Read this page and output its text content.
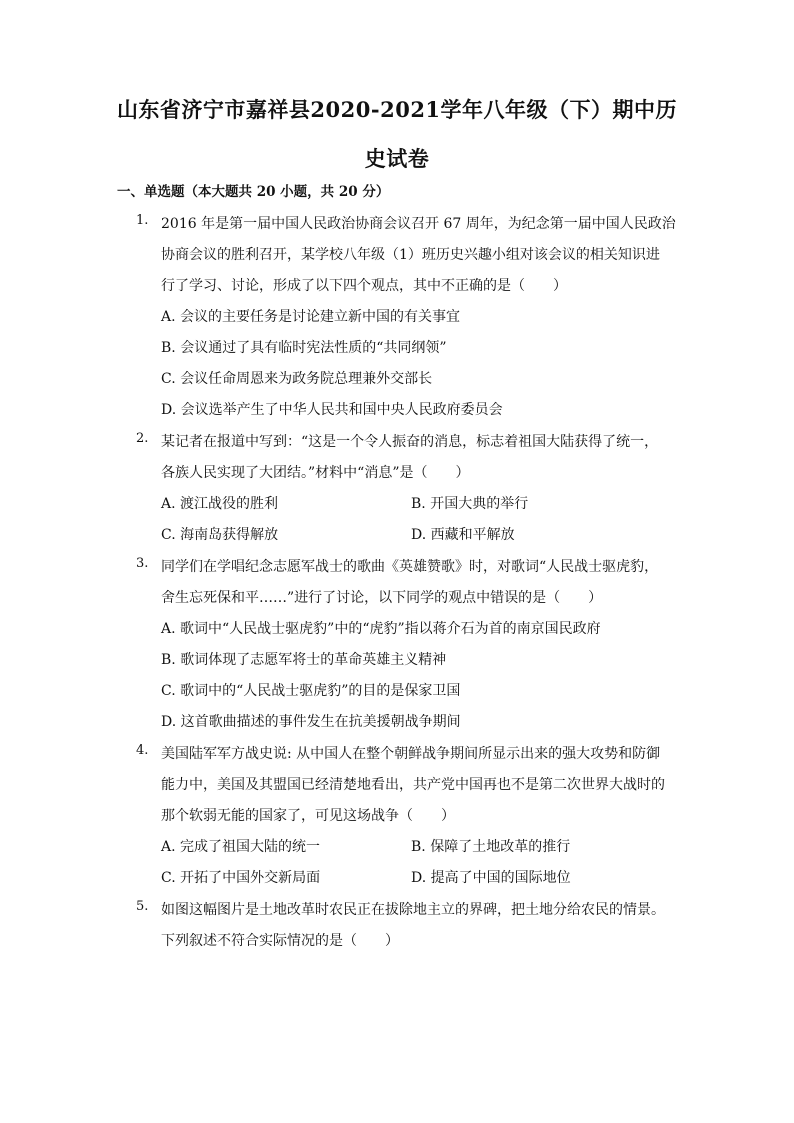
山东省济宁市嘉祥县2020-2021学年八年级（下）期中历
史试卷
一、单选题（本大题共 20 小题，共 20 分）
1. 2016 年是第一届中国人民政治协商会议召开 67 周年，为纪念第一届中国人民政治
协商会议的胜利召开，某学校八年级（1）班历史兴趣小组对该会议的相关知识进
行了学习、讨论，形成了以下四个观点，其中不正确的是（　　）
A. 会议的主要任务是讨论建立新中国的有关事宜
B. 会议通过了具有临时宪法性质的“共同纲领”
C. 会议任命周恩来为政务院总理兼外交部长
D. 会议选举产生了中华人民共和国中央人民政府委员会
2. 某记者在报道中写到：“这是一个令人振奋的消息，标志着祖国大陆获得了统一，
各族人民实现了大团结。”材料中“消息”是（　　）
A. 渡江战役的胜利	B. 开国大典的举行
C. 海南岛获得解放	D. 西藏和平解放
3. 同学们在学唱纪念志愿军战士的歌曲《英雄赞歌》时，对歌词“人民战士驱虎豹，
舍生忘死保和平……”进行了讨论，以下同学的观点中错误的是（　　）
A. 歌词中“人民战士驱虎豹”中的“虎豹”指以蒋介石为首的南京国民政府
B. 歌词体现了志愿军将士的革命英雄主义精神
C. 歌词中的“人民战士驱虎豹”的目的是保家卫国
D. 这首歌曲描述的事件发生在抗美援朝战争期间
4. 美国陆军军方战史说: 从中国人在整个朝鲜战争期间所显示出来的强大攻势和防御
能力中，美国及其盟国已经清楚地看出，共产党中国再也不是第二次世界大战时的
那个软弱无能的国家了，可见这场战争（　　）
A. 完成了祖国大陆的统一	B. 保障了土地改革的推行
C. 开拓了中国外交新局面	D. 提高了中国的国际地位
5. 如图这幅图片是土地改革时农民正在拔除地主立的界碑，把土地分给农民的情景。
下列叙述不符合实际情况的是（　　）
